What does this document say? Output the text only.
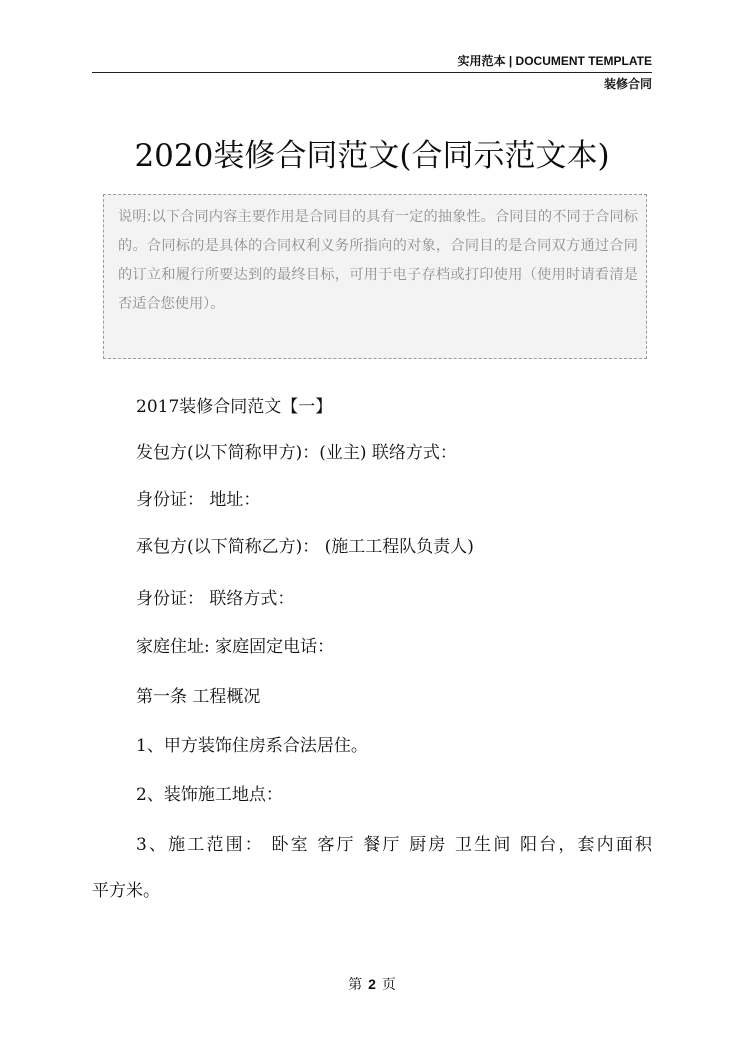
实用范本 | DOCUMENT TEMPLATE
装修合同
2020装修合同范文(合同示范文本)
说明:以下合同内容主要作用是合同目的具有一定的抽象性。合同目的不同于合同标的。合同标的是具体的合同权利义务所指向的对象，合同目的是合同双方通过合同的订立和履行所要达到的最终目标，可用于电子存档或打印使用（使用时请看清是否适合您使用）。
2017装修合同范文【一】
发包方(以下简称甲方)：(业主) 联络方式：
身份证： 地址：
承包方(以下简称乙方)： (施工工程队负责人)
身份证： 联络方式：
家庭住址: 家庭固定电话：
第一条 工程概况
1、甲方装饰住房系合法居住。
2、装饰施工地点：
3、施工范围： 卧室 客厅 餐厅 厨房 卫生间 阳台，套内面积
平方米。
第 2 页
